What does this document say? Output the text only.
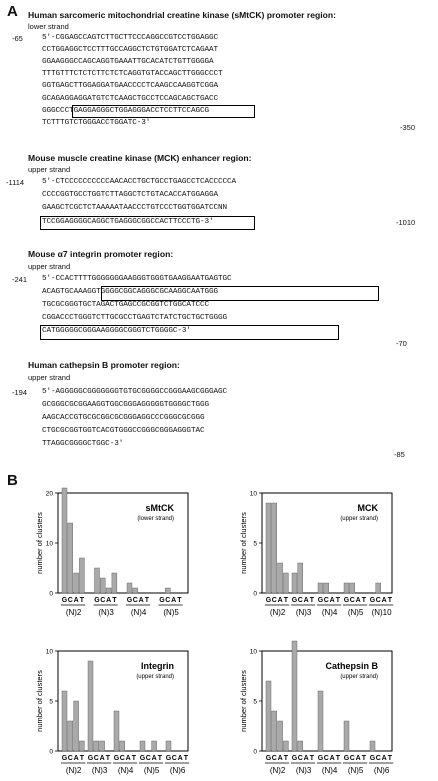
A Human sarcomeric mitochondrial creatine kinase (sMtCK) promoter region:
lower strand
-65 5'-CGGAGCCAGTCTTGCTTCCCAGGCCGTCCTGGAGGC
CCTGGAGGCTCCTTTGCCAGGCTCTGTGGATCTCAGAAT
GGAAGGGCCAGCAGGTGAAATTGCACATCTGTTGGGGA
TTTGTTTCTCTCTTCTCTCAGGTGTACCAGCTTGGGCCCT
GGTGAGCTTGGAGGATGAACCCCTCAAGCCAAGGTCGGA
GCAGAGGAGGATGTCTCAAGCTGCCTCCAGCAGCTGACC
GGGCCCTGAGGAGGGCTGGAGGGACCTCCTTCCAGCG
TCTTTGTCTGGGACCTGGATC-3'	-350
Mouse muscle creatine kinase (MCK) enhancer region:
upper strand
-1114 5'-CTCCCCCCCCCCAACACCTGCTGCCTGAGCCTCACCCCCA
CCCCGGTGCCTGGTCTTAGGCTCTGTACACCATGGAGGA
GAAGCTCGCTCTAAAAATAACCCTGTCCCTGGTGGATCCNN
TCCGGAGGGGCAGGCTGAGGGCGGCCACTTCCCTG-3'	-1010
Mouse α7 integrin promoter region:
upper strand
-241 5'-CCACTTTTGGGGGGGAAGGGTGGGTGAAGGAATGAGTGC
ACAGTGCAAAGGTGGGGCGGCAGGGCGCAAGGCAATGGG
TGCGCGGGTGCTAGACTGAGCCGCGGTCTGGCATCCC
CGGACCCTGGGTCTTGCGCCTGAGTCTATCTGCTGCTGGGG
CATGGGGGCGGGAAGGGGCGGGTCTGGGGC-3'
-70
Human cathepsin B promoter region:
upper strand
-194 5'-AGGGGGCGGGGGGGTGTGCGGGGCCGGGAAGCGGGAGC
GCGGGCGCGGAAGGTGGCGGGAGGGGGTGGGGCTGGG
AAGCACCGTGCGCGGCGCGGGAGGCCCGGGCGCGGG
CTGCGCGGTGGTCACGTGGGCCGGGCGGGAGGGTAC
TTAGGCGGGGCTGGC-3'
-85
B
0
10
20
number of clusters
sMtCK
(lower strand)
G C A T
(N)2
G C A T
(N)3
G C A T
(N)4
G C A T
(N)5
0
5
10
number of clusters
MCK
(upper strand)
G C A T
(N)2
G C A T
(N)3
G C A T
(N)4
G C A T
(N)5
G C A T
(N)10
0
5
10
number of clusters
Integrin
(upper strand)
G C A T
(N)2
G C A T
(N)3
G C A T
(N)4
G C A T
(N)5
G C A T
(N)6
0
5
10
number of clusters
Cathepsin B
(upper strand)
G C A T
(N)2
G C A T
(N)3
G C A T
(N)4
G C A T
(N)5
G C A T
(N)6
